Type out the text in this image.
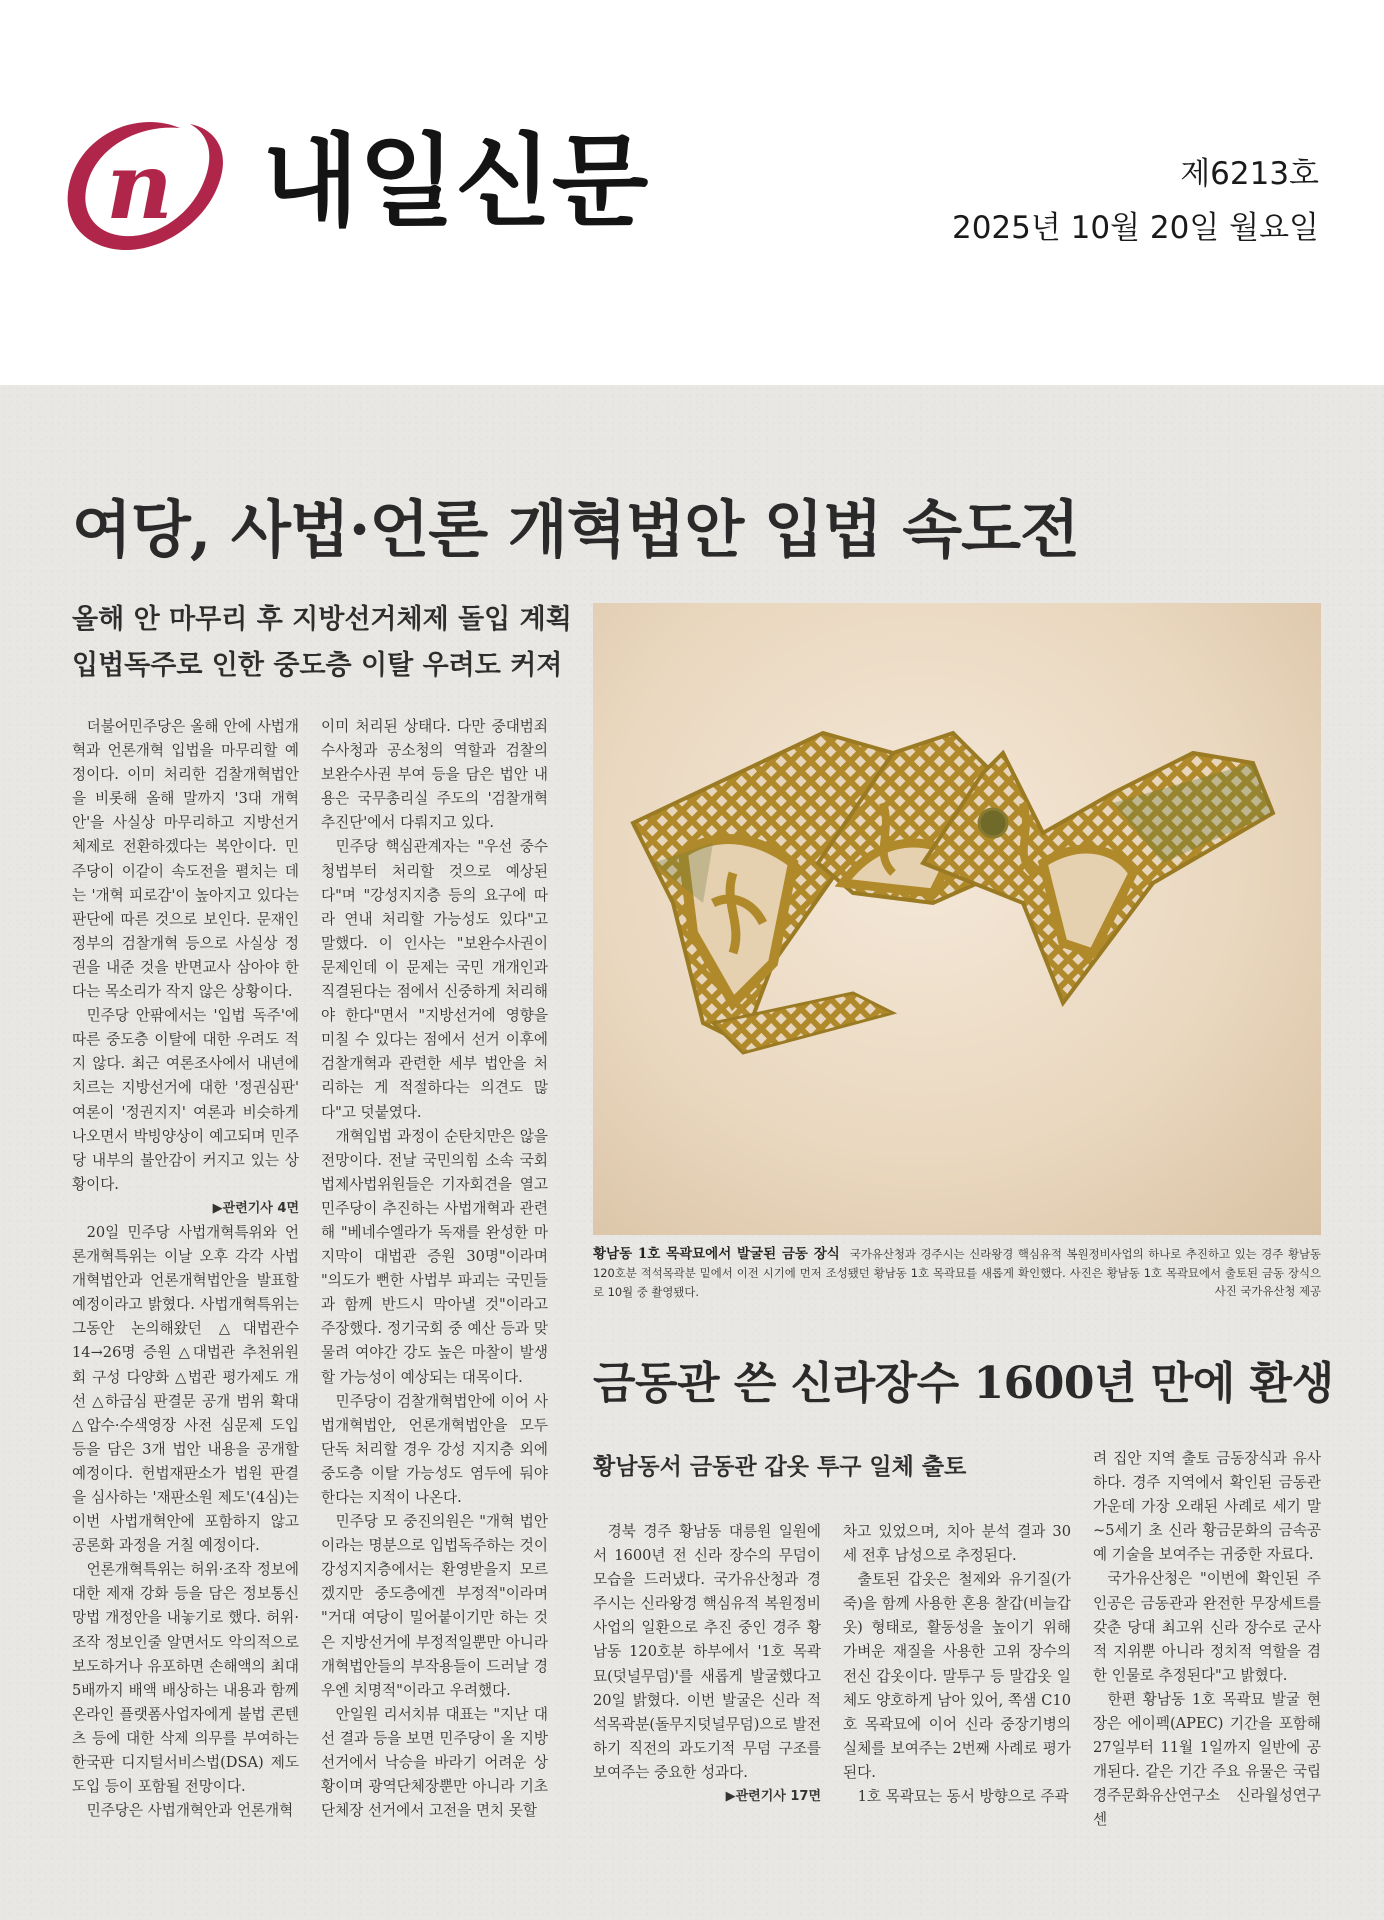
n 내일신문	제6213호
2025년 10월 20일 월요일
여당, 사법·언론 개혁법안 입법 속도전
올해 안 마무리 후 지방선거체제 돌입 계획
입법독주로 인한 중도층 이탈 우려도 커져

더불어민주당은 올해 안에 사법개혁과 언론개혁 입법을 마무리할 예정이다. 이미 처리한 검찰개혁법안을 비롯해 올해 말까지 '3대 개혁안'을 사실상 마무리하고 지방선거체제로 전환하겠다는 복안이다. 민주당이 이같이 속도전을 펼치는 데는 '개혁 피로감'이 높아지고 있다는 판단에 따른 것으로 보인다. 문재인정부의 검찰개혁 등으로 사실상 정권을 내준 것을 반면교사 삼아야 한다는 목소리가 작지 않은 상황이다.

민주당 안팎에서는 '입법 독주'에 따른 중도층 이탈에 대한 우려도 적지 않다. 최근 여론조사에서 내년에 치르는 지방선거에 대한 '정권심판' 여론이 '정권지지' 여론과 비슷하게 나오면서 박빙양상이 예고되며 민주당 내부의 불안감이 커지고 있는 상황이다.

▶관련기사 4면

20일 민주당 사법개혁특위와 언론개혁특위는 이날 오후 각각 사법개혁법안과 언론개혁법안을 발표할 예정이라고 밝혔다. 사법개혁특위는 그동안 논의해왔던 △대법관수 14→26명 증원 △대법관 추천위원회 구성 다양화 △법관 평가제도 개선 △하급심 판결문 공개 범위 확대 △압수·수색영장 사전 심문제 도입 등을 담은 3개 법안 내용을 공개할 예정이다. 헌법재판소가 법원 판결을 심사하는 '재판소원 제도'(4심)는 이번 사법개혁안에 포함하지 않고 공론화 과정을 거칠 예정이다.

언론개혁특위는 허위·조작 정보에 대한 제재 강화 등을 담은 정보통신망법 개정안을 내놓기로 했다. 허위·조작 정보인줄 알면서도 악의적으로 보도하거나 유포하면 손해액의 최대 5배까지 배액 배상하는 내용과 함께 온라인 플랫폼사업자에게 불법 콘텐츠 등에 대한 삭제 의무를 부여하는 한국판 디지털서비스법(DSA) 제도 도입 등이 포함될 전망이다.

민주당은 사법개혁안과 언론개혁

이미 처리된 상태다. 다만 중대범죄수사청과 공소청의 역할과 검찰의 보완수사권 부여 등을 담은 법안 내용은 국무총리실 주도의 '검찰개혁추진단'에서 다뤄지고 있다.

민주당 핵심관계자는 "우선 중수청법부터 처리할 것으로 예상된다"며 "강성지지층 등의 요구에 따라 연내 처리할 가능성도 있다"고 말했다. 이 인사는 "보완수사권이 문제인데 이 문제는 국민 개개인과 직결된다는 점에서 신중하게 처리해야 한다"면서 "지방선거에 영향을 미칠 수 있다는 점에서 선거 이후에 검찰개혁과 관련한 세부 법안을 처리하는 게 적절하다는 의견도 많다"고 덧붙였다.

개혁입법 과정이 순탄치만은 않을 전망이다. 전날 국민의힘 소속 국회 법제사법위원들은 기자회견을 열고 민주당이 추진하는 사법개혁과 관련해 "베네수엘라가 독재를 완성한 마지막이 대법관 증원 30명"이라며 "의도가 뻔한 사법부 파괴는 국민들과 함께 반드시 막아낼 것"이라고 주장했다. 정기국회 중 예산 등과 맞물려 여야간 강도 높은 마찰이 발생할 가능성이 예상되는 대목이다.

민주당이 검찰개혁법안에 이어 사법개혁법안, 언론개혁법안을 모두 단독 처리할 경우 강성 지지층 외에 중도층 이탈 가능성도 염두에 둬야 한다는 지적이 나온다.

민주당 모 중진의원은 "개혁 법안이라는 명분으로 입법독주하는 것이 강성지지층에서는 환영받을지 모르겠지만 중도층에겐 부정적"이라며 "거대 여당이 밀어붙이기만 하는 것은 지방선거에 부정적일뿐만 아니라 개혁법안들의 부작용들이 드러날 경우엔 치명적"이라고 우려했다.

안일원 리서치뷰 대표는 "지난 대선 결과 등을 보면 민주당이 올 지방선거에서 낙승을 바라기 어려운 상황이며 광역단체장뿐만 아니라 기초단체장 선거에서 고전을 면치 못할

황남동 1호 목곽묘에서 발굴된 금동 장식 국가유산청과 경주시는 신라왕경 핵심유적 복원정비사업의 하나로 추진하고 있는 경주 황남동 120호분 적석목곽분 밑에서 이전 시기에 먼저 조성됐던 황남동 1호 목곽묘를 새롭게 확인했다. 사진은 황남동 1호 목곽묘에서 출토된 금동 장식으로 10월 중 촬영됐다.	사진 국가유산청 제공
금동관 쓴 신라장수 1600년 만에 환생
황남동서 금동관 갑옷 투구 일체 출토

경북 경주 황남동 대릉원 일원에서 1600년 전 신라 장수의 무덤이 모습을 드러냈다. 국가유산청과 경주시는 신라왕경 핵심유적 복원정비사업의 일환으로 추진 중인 경주 황남동 120호분 하부에서 '1호 목곽묘(덧널무덤)'를 새롭게 발굴했다고 20일 밝혔다. 이번 발굴은 신라 적석목곽분(돌무지덧널무덤)으로 발전하기 직전의 과도기적 무덤 구조를 보여주는 중요한 성과다.

▶관련기사 17면

차고 있었으며, 치아 분석 결과 30세 전후 남성으로 추정된다.

출토된 갑옷은 철제와 유기질(가죽)을 함께 사용한 혼용 찰갑(비늘갑옷) 형태로, 활동성을 높이기 위해 가벼운 재질을 사용한 고위 장수의 전신 갑옷이다. 말투구 등 말갑옷 일체도 양호하게 남아 있어, 쪽샘 C10호 목곽묘에 이어 신라 중장기병의 실체를 보여주는 2번째 사례로 평가된다.

1호 목곽묘는 동서 방향으로 주곽

려 집안 지역 출토 금동장식과 유사하다. 경주 지역에서 확인된 금동관 가운데 가장 오래된 사례로 세기 말~5세기 초 신라 황금문화의 금속공예 기술을 보여주는 귀중한 자료다.

국가유산청은 "이번에 확인된 주인공은 금동관과 완전한 무장세트를 갖춘 당대 최고위 신라 장수로 군사적 지위뿐 아니라 정치적 역할을 겸한 인물로 추정된다"고 밝혔다.

한편 황남동 1호 목곽묘 발굴 현장은 에이펙(APEC) 기간을 포함해 27일부터 11월 1일까지 일반에 공개된다. 같은 기간 주요 유물은 국립경주문화유산연구소 신라월성연구센
